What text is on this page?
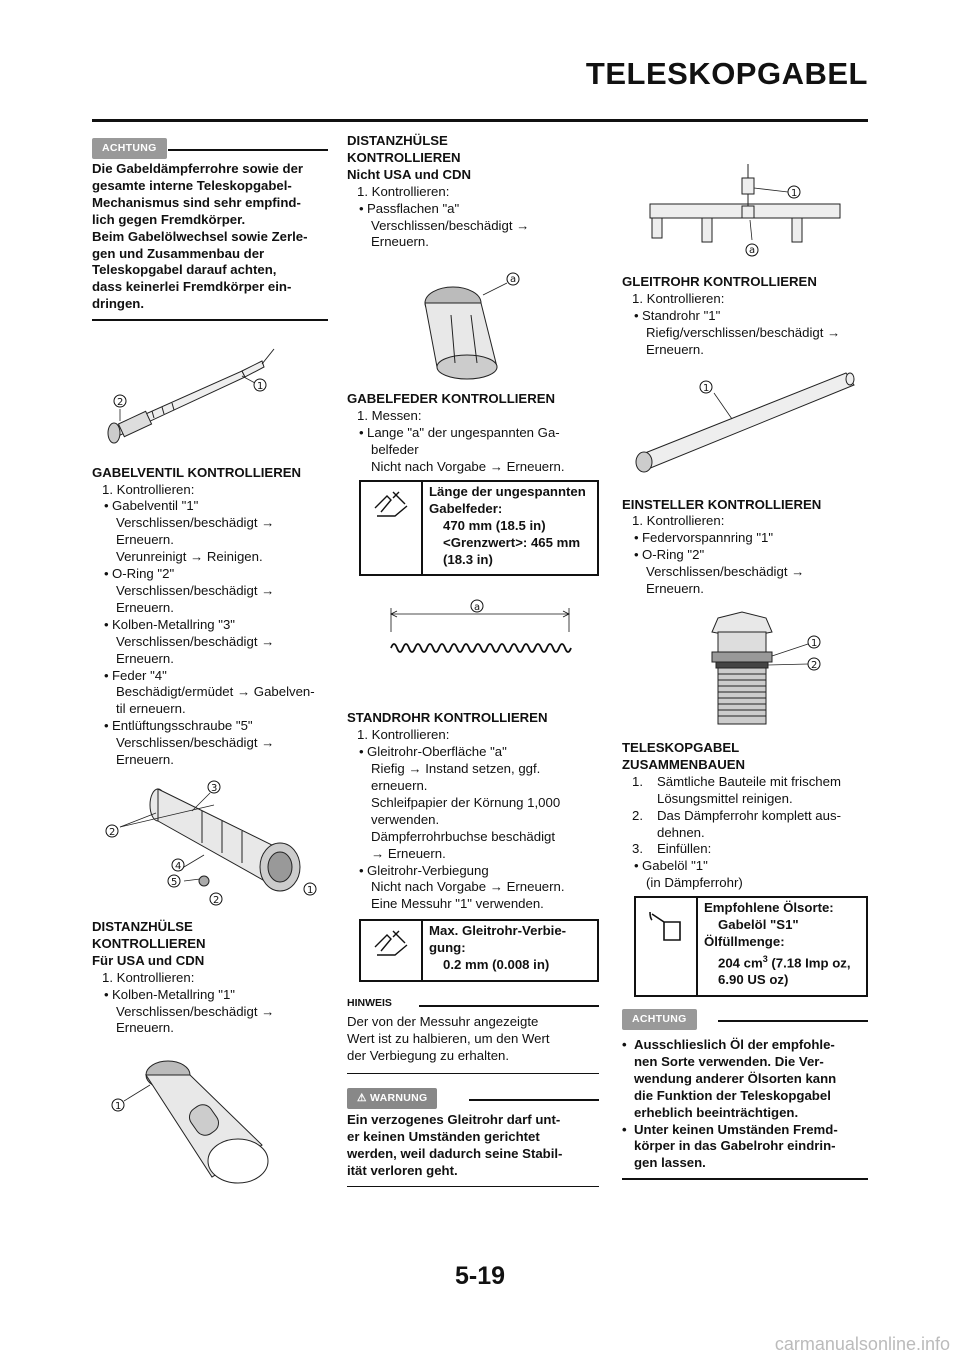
TELESKOPGABEL
ACHTUNG
Die Gabeldämpferrohre sowie der
gesamte interne Teleskopgabel-
Mechanismus sind sehr empfind-
lich gegen Fremdkörper.
Beim Gabelölwechsel sowie Zerle-
gen und Zusammenbau der
Teleskopgabel darauf achten,
dass keinerlei Fremdkörper ein-
dringen.
1
2
GABELVENTIL KONTROLLIEREN
1. Kontrollieren:
• Gabelventil "1"
Verschlissen/beschädigt →
Erneuern.
Verunreinigt → Reinigen.
• O-Ring "2"
Verschlissen/beschädigt →
Erneuern.
• Kolben-Metallring "3"
Verschlissen/beschädigt →
Erneuern.
• Feder "4"
Beschädigt/ermüdet → Gabelven-
til erneuern.
• Entlüftungsschraube "5"
Verschlissen/beschädigt →
Erneuern.
3
2
4
5
2
1
DISTANZHÜLSE
KONTROLLIEREN
Für USA und CDN
1. Kontrollieren:
• Kolben-Metallring "1"
Verschlissen/beschädigt →
Erneuern.
1
DISTANZHÜLSE
KONTROLLIEREN
Nicht USA und CDN
1. Kontrollieren:
• Passflachen "a"
Verschlissen/beschädigt →
Erneuern.
a
GABELFEDER KONTROLLIEREN
1. Messen:
• Lange "a" der ungespannten Ga-
belfeder
Nicht nach Vorgabe → Erneuern.
Länge der ungespannten
Gabelfeder:
470 mm (18.5 in)
<Grenzwert>: 465 mm
(18.3 in)
a
STANDROHR KONTROLLIEREN
1. Kontrollieren:
• Gleitrohr-Oberfläche "a"
Riefig → Instand setzen, ggf.
erneuern.
Schleifpapier der Körnung 1,000
verwenden.
Dämpferrohrbuchse beschädigt
→ Erneuern.
• Gleitrohr-Verbiegung
Nicht nach Vorgabe → Erneuern.
Eine Messuhr "1" verwenden.
Max. Gleitrohr-Verbie-
gung:
0.2 mm (0.008 in)
HINWEIS
Der von der Messuhr angezeigte
Wert ist zu halbieren, um den Wert
der Verbiegung zu erhalten.
⚠ WARNUNG
Ein verzogenes Gleitrohr darf unt-
er keinen Umständen gerichtet
werden, weil dadurch seine Stabil-
ität verloren geht.
1
a
GLEITROHR KONTROLLIEREN
1. Kontrollieren:
• Standrohr "1"
Riefig/verschlissen/beschädigt →
Erneuern.
1
EINSTELLER KONTROLLIEREN
1. Kontrollieren:
• Federvorspannring "1"
• O-Ring "2"
Verschlissen/beschädigt →
Erneuern.
1
2
TELESKOPGABEL
ZUSAMMENBAUEN
1.	Sämtliche Bauteile mit frischem
Lösungsmittel reinigen.
2.	Das Dämpferrohr komplett aus-
dehnen.
3.	Einfüllen:
• Gabelöl "1"
(in Dämpferrohr)
Empfohlene Ölsorte:
Gabelöl "S1"
Ölfüllmenge:
204 $cm^3$ (7.18 Imp oz,
6.90 US oz)
ACHTUNG
• Ausschlieslich Öl der empfohle-
nen Sorte verwenden. Die Ver-
wendung anderer Ölsorten kann
die Funktion der Teleskopgabel
erheblich beeinträchtigen.
• Unter keinen Umständen Fremd-
körper in das Gabelrohr eindrin-
gen lassen.
5-19
carmanualsonline.info
